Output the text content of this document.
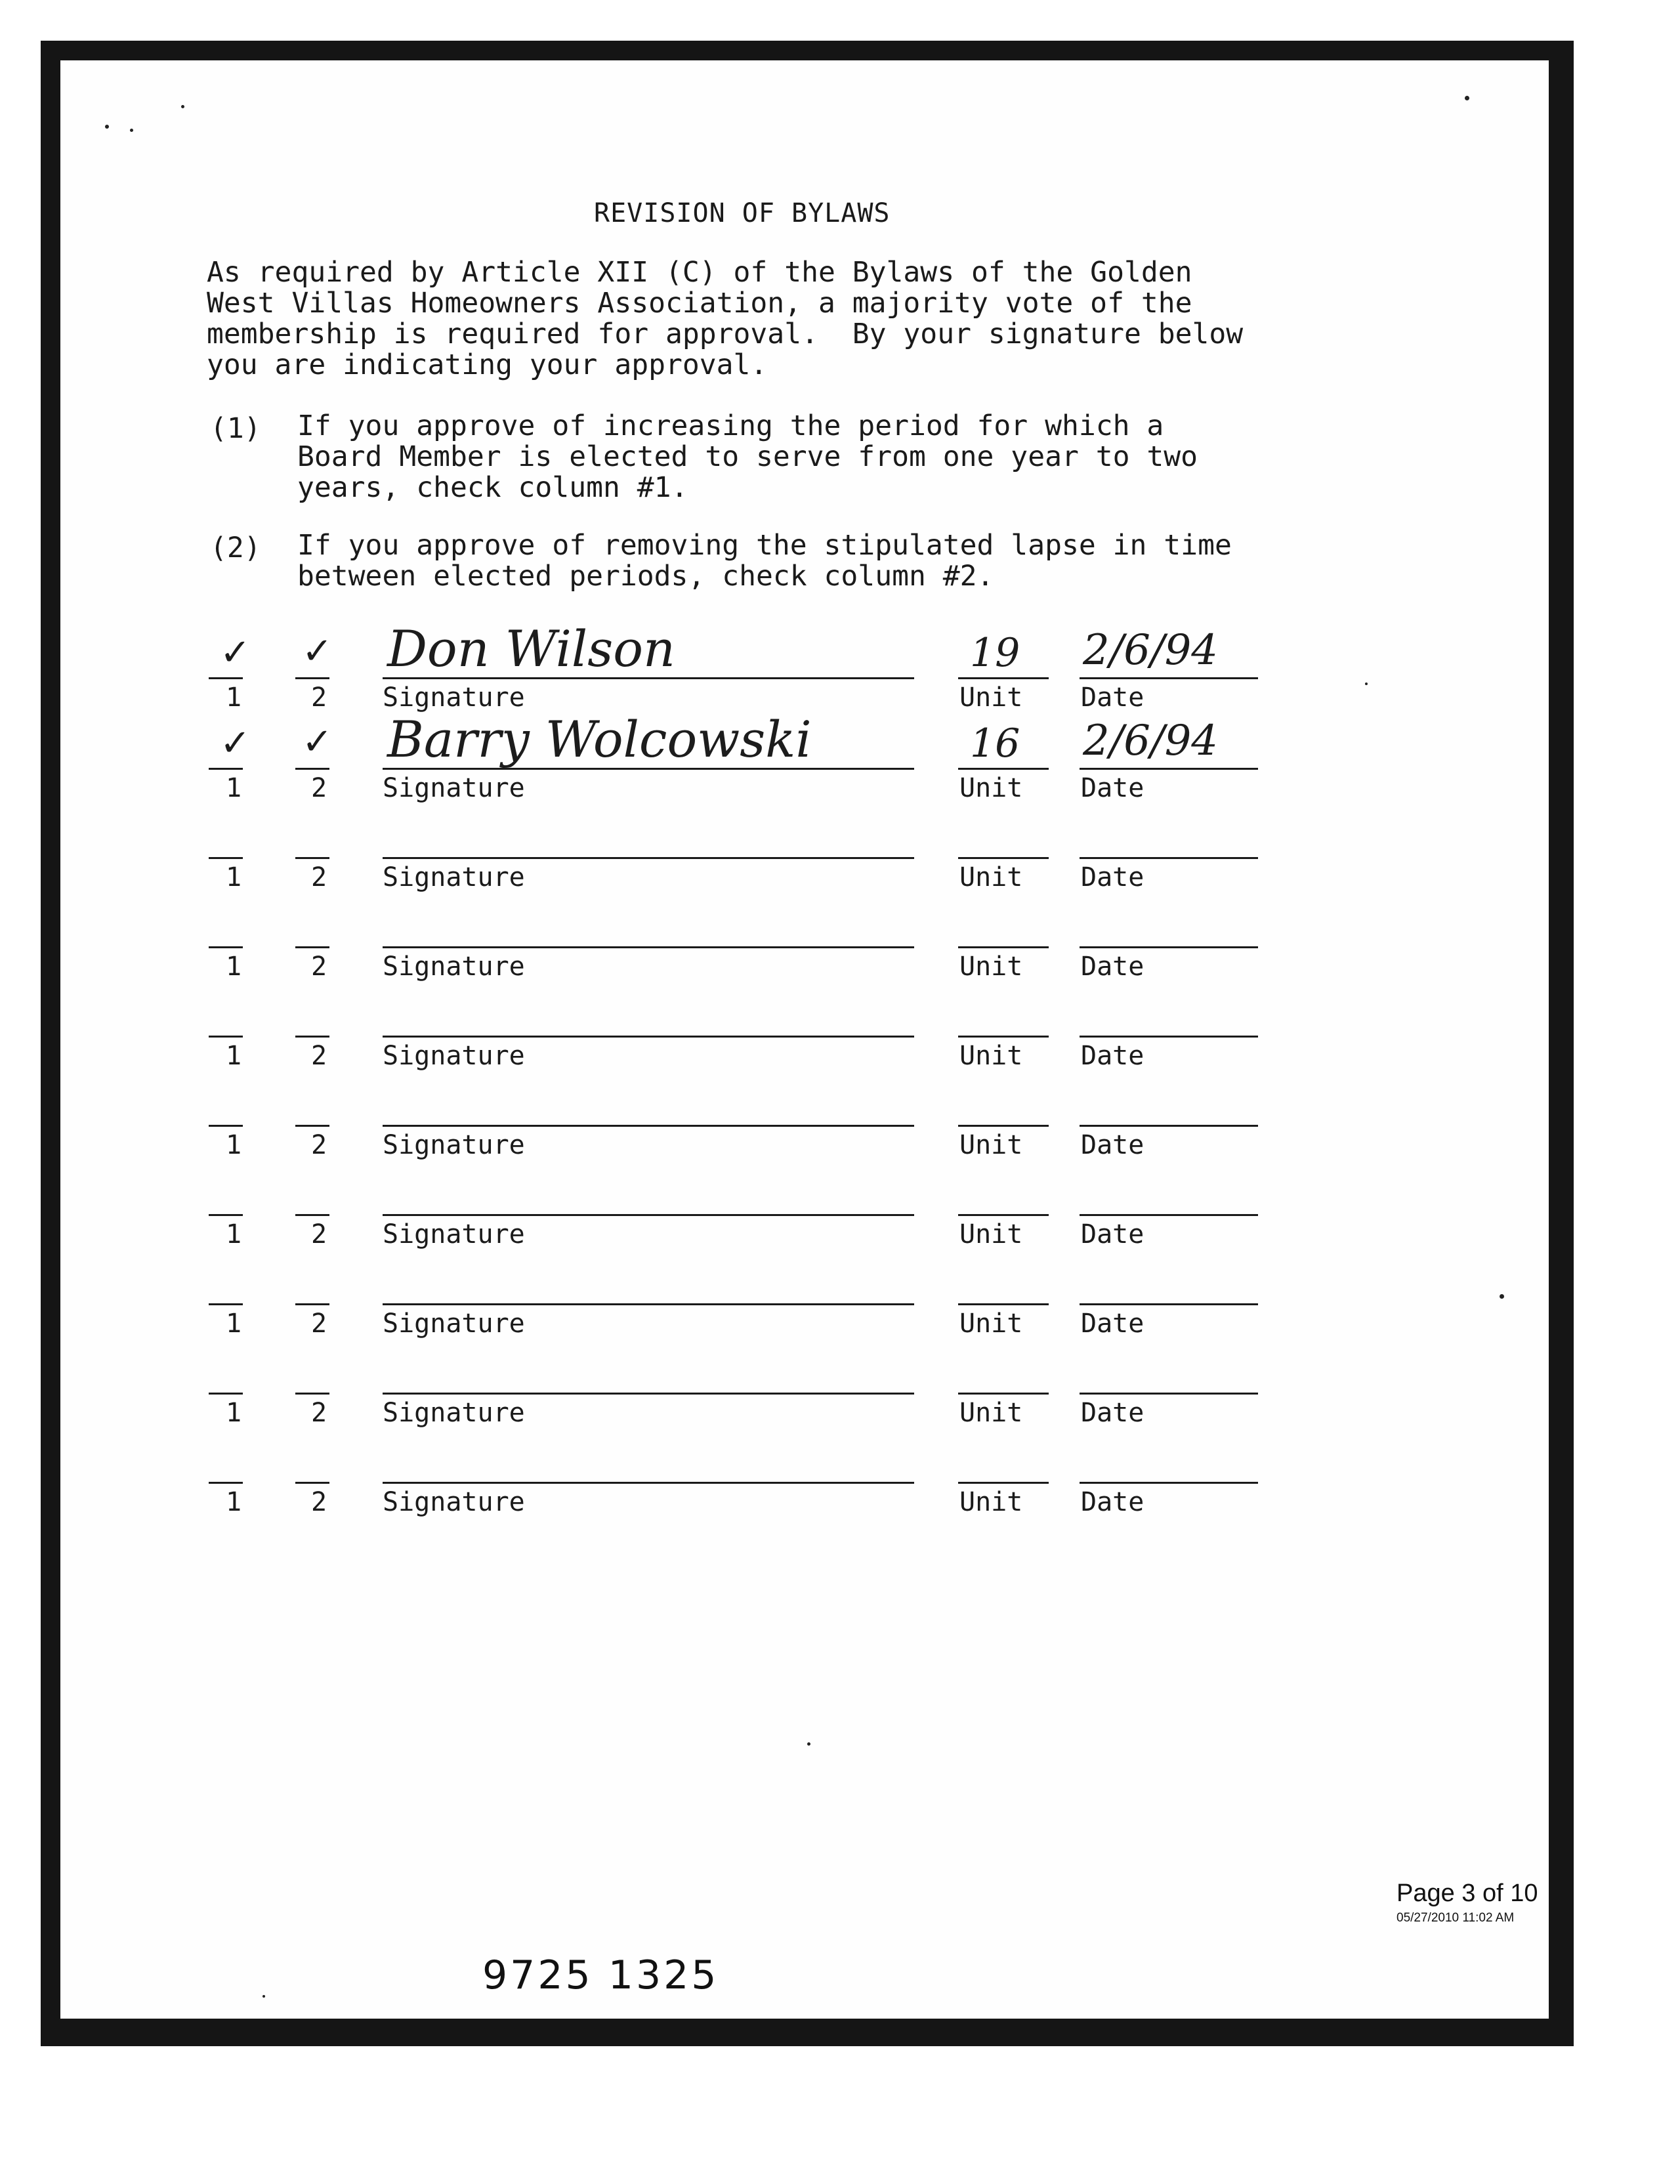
REVISION OF BYLAWS
As required by Article XII (C) of the Bylaws of the Golden
West Villas Homeowners Association, a majority vote of the
membership is required for approval.  By your signature below
you are indicating your approval.
(1) If you approve of increasing the period for which a
Board Member is elected to serve from one year to two
years, check column #1.
(2) If you approve of removing the stipulated lapse in time
between elected periods, check column #2.
1	2 Signature	Unit Date
✓ ✓ Don Wilson	19 2/6/94
1	2 Signature	Unit Date
✓ ✓ Barry Wolcowski	16 2/6/94
1	2 Signature	Unit Date
1	2 Signature	Unit Date
1	2 Signature	Unit Date
1	2 Signature	Unit Date
1	2 Signature	Unit Date
1	2 Signature	Unit Date
1	2 Signature	Unit Date
1	2 Signature	Unit Date
Page 3 of 10
05/27/2010 11:02 AM
9725 1325
